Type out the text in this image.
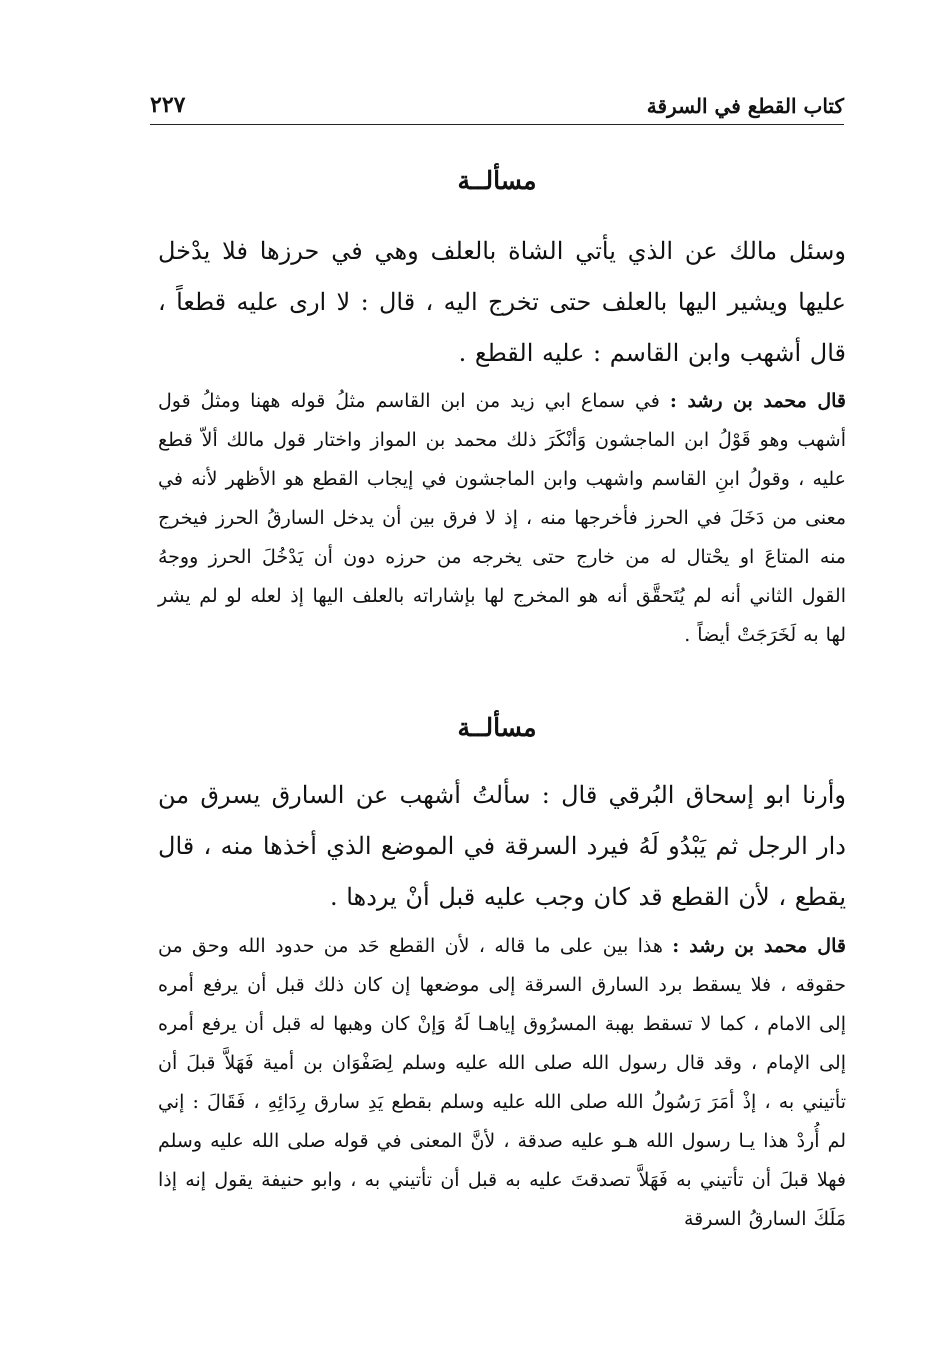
كتاب القطع في السرقة
٢٢٧
مسألــة

وسئل مالك عن الذي يأتي الشاة بالعلف وهي في حرزها فلا يدْخل عليها ويشير اليها بالعلف حتى تخرج اليه ، قال : لا ارى عليه قطعاً ، قال أشهب وابن القاسم : عليه القطع .

قال محمد بن رشد : في سماع ابي زيد من ابن القاسم مثلُ قوله ههنا ومثلُ قول أشهب وهو قَوْلُ ابن الماجشون وَأنْكَرَ ذلك محمد بن المواز واختار قول مالك ألاّ قطع عليه ، وقولُ ابنِ القاسم واشهب وابن الماجشون في إيجاب القطع هو الأظهر لأنه في معنى من دَخَلَ في الحرز فأخرجها منه ، إذ لا فرق بين أن يدخل السارقُ الحرز فيخرج منه المتاعَ او يحْتال له من خارج حتى يخرجه من حرزه دون أن يَدْخُلَ الحرز ووجهُ القول الثاني أنه لم يُتَحقَّق أنه هو المخرج لها بإشاراته بالعلف اليها إذ لعله لو لم يشر لها به لَخَرَجَتْ أيضاً .

مسألــة

وأرنا ابو إسحاق البُرقي قال : سألتُ أشهب عن السارق يسرق من دار الرجل ثم يَبْدُو لَهُ فيرد السرقة في الموضع الذي أخذها منه ، قال يقطع ، لأن القطع قد كان وجب عليه قبل أنْ يردها .

قال محمد بن رشد : هذا بين على ما قاله ، لأن القطع حَد من حدود الله وحق من حقوقه ، فلا يسقط برد السارق السرقة إلى موضعها إن كان ذلك قبل أن يرفع أمره إلى الامام ، كما لا تسقط بهبة المسرُوق إياهـا لَهُ وَإنْ كان وهبها له قبل أن يرفع أمره إلى الإمام ، وقد قال رسول الله صلى الله عليه وسلم لِصَفْوَان بن أمية فَهَلاَّ قبلَ أن تأتيني به ، إذْ أمَرَ رَسُولُ الله صلى الله عليه وسلم بقطع يَدِ سارق رِدَائِهِ ، فَقَالَ : إني لم أُردْ هذا يـا رسول الله هـو عليه صدقة ، لأنَّ المعنى في قوله صلى الله عليه وسلم فهلا قبلَ أن تأتيني به فَهَلاَّ تصدقتَ عليه به قبل أن تأتيني به ، وابو حنيفة يقول إنه إذا مَلَكَ السارقُ السرقة
